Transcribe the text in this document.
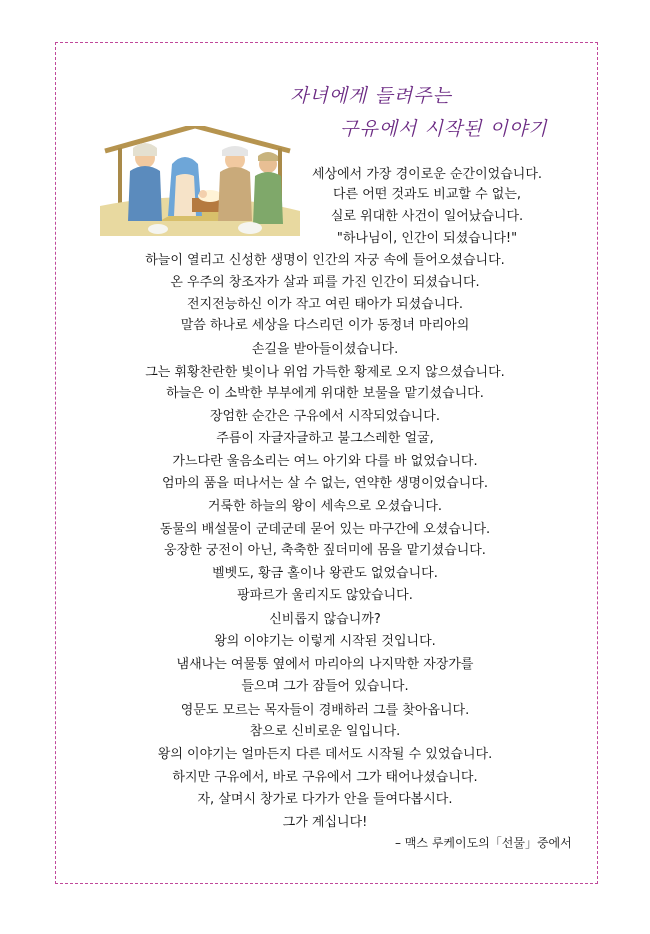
자녀에게 들려주는
구유에서 시작된 이야기
세상에서 가장 경이로운 순간이었습니다.
다른 어떤 것과도 비교할 수 없는,
실로 위대한 사건이 일어났습니다.
"하나님이, 인간이 되셨습니다!"
하늘이 열리고 신성한 생명이 인간의 자궁 속에 들어오셨습니다.
온 우주의 창조자가 살과 피를 가진 인간이 되셨습니다.
전지전능하신 이가 작고 여린 태아가 되셨습니다.
말씀 하나로 세상을 다스리던 이가 동정녀 마리아의
손길을 받아들이셨습니다.
그는 휘황찬란한 빛이나 위엄 가득한 황제로 오지 않으셨습니다.
하늘은 이 소박한 부부에게 위대한 보물을 맡기셨습니다.
장엄한 순간은 구유에서 시작되었습니다.
주름이 자글자글하고 불그스레한 얼굴,
가느다란 울음소리는 여느 아기와 다를 바 없었습니다.
엄마의 품을 떠나서는 살 수 없는, 연약한 생명이었습니다.
거룩한 하늘의 왕이 세속으로 오셨습니다.
동물의 배설물이 군데군데 묻어 있는 마구간에 오셨습니다.
웅장한 궁전이 아닌, 축축한 짚더미에 몸을 맡기셨습니다.
벨벳도, 황금 홀이나 왕관도 없었습니다.
팡파르가 울리지도 않았습니다.
신비롭지 않습니까?
왕의 이야기는 이렇게 시작된 것입니다.
냄새나는 여물통 옆에서 마리아의 나지막한 자장가를
들으며 그가 잠들어 있습니다.
영문도 모르는 목자들이 경배하러 그를 찾아옵니다.
참으로 신비로운 일입니다.
왕의 이야기는 얼마든지 다른 데서도 시작될 수 있었습니다.
하지만 구유에서, 바로 구유에서 그가 태어나셨습니다.
자, 살며시 창가로 다가가 안을 들여다봅시다.
그가 계십니다!
– 맥스 루케이도의「선물」중에서
